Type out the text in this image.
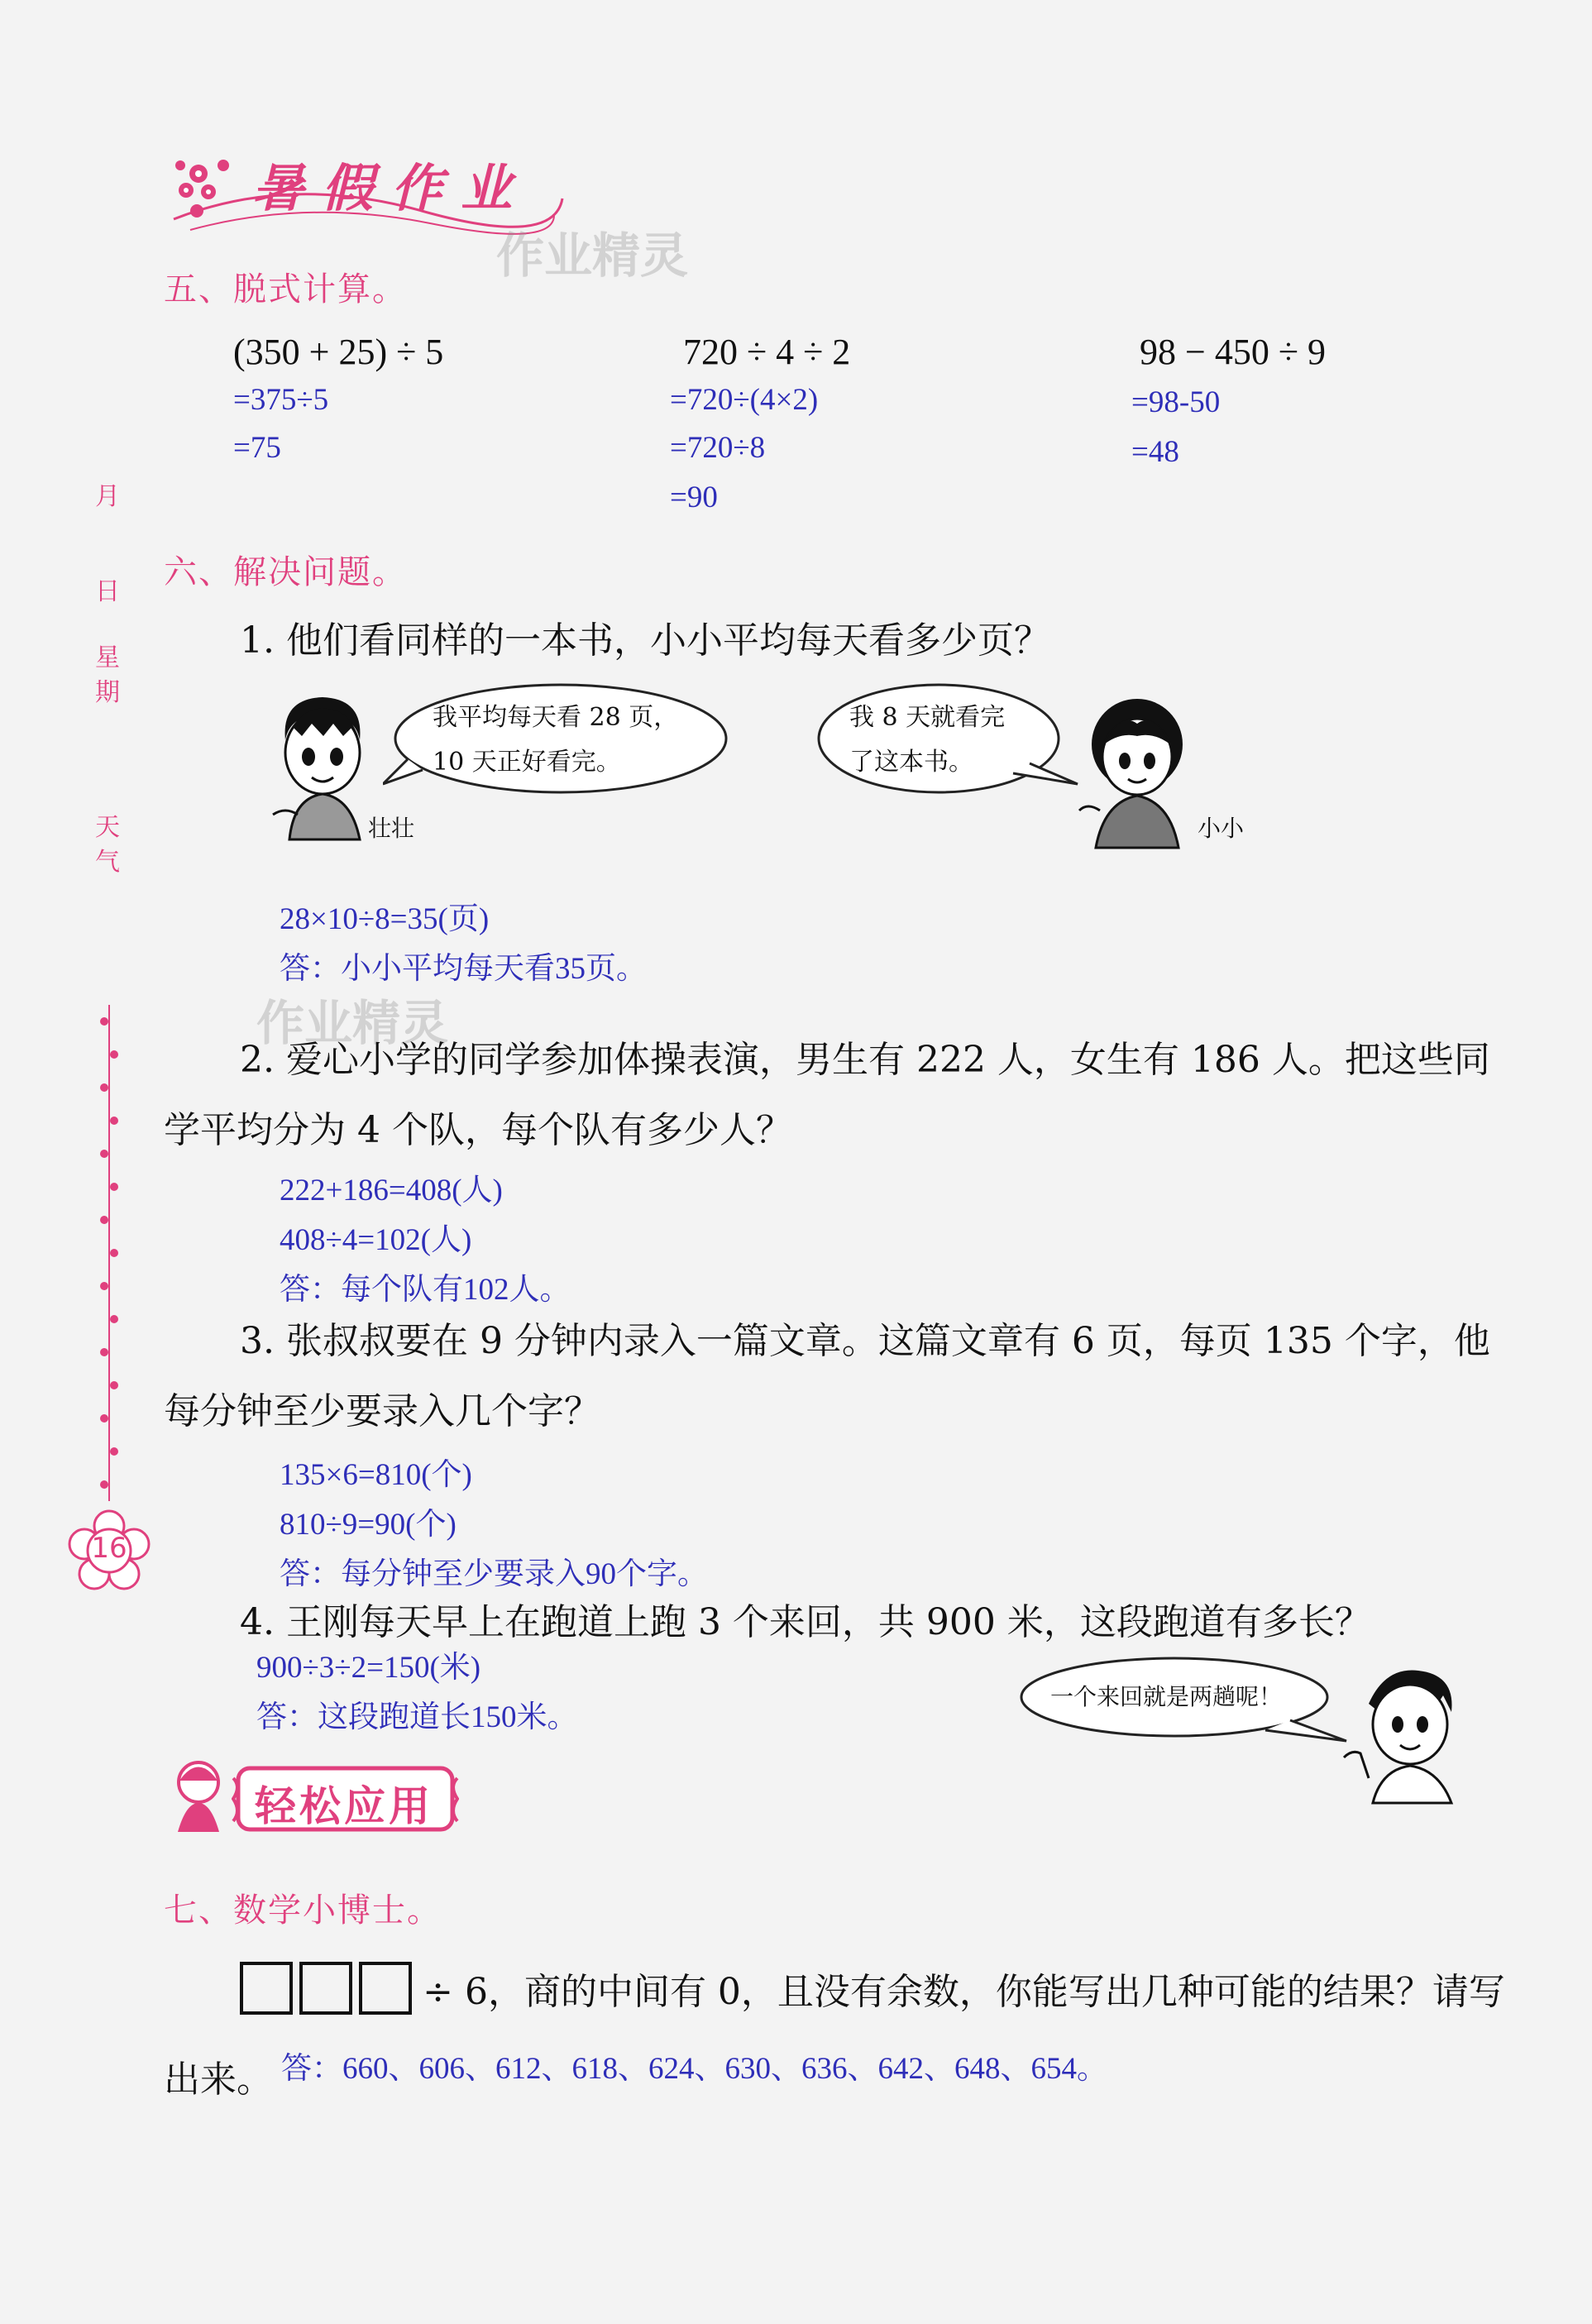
暑假作业
作业精灵
作业精灵
月
日
星
期
天
气
16
五、脱式计算。
(350 + 25) ÷ 5
=375÷5
=75
720 ÷ 4 ÷ 2
=720÷(4×2)
=720÷8
=90
98 − 450 ÷ 9
=98-50
=48
六、解决问题。
1. 他们看同样的一本书，小小平均每天看多少页？
我平均每天看 28 页，
10 天正好看完。
壮壮
我 8 天就看完
了这本书。
小小
28×10÷8=35(页)
答：小小平均每天看35页。
2. 爱心小学的同学参加体操表演，男生有 222 人，女生有 186 人。把这些同
学平均分为 4 个队，每个队有多少人？
222+186=408(人)
408÷4=102(人)
答：每个队有102人。
3. 张叔叔要在 9 分钟内录入一篇文章。这篇文章有 6 页，每页 135 个字，他
每分钟至少要录入几个字？
135×6=810(个)
810÷9=90(个)
答：每分钟至少要录入90个字。
4. 王刚每天早上在跑道上跑 3 个来回，共 900 米，这段跑道有多长？
900÷3÷2=150(米)
答：这段跑道长150米。
一个来回就是两趟呢！
轻松应用
七、数学小博士。
÷ 6，商的中间有 0，且没有余数，你能写出几种可能的结果？请写
出来。 答：660、606、612、618、624、630、636、642、648、654。
